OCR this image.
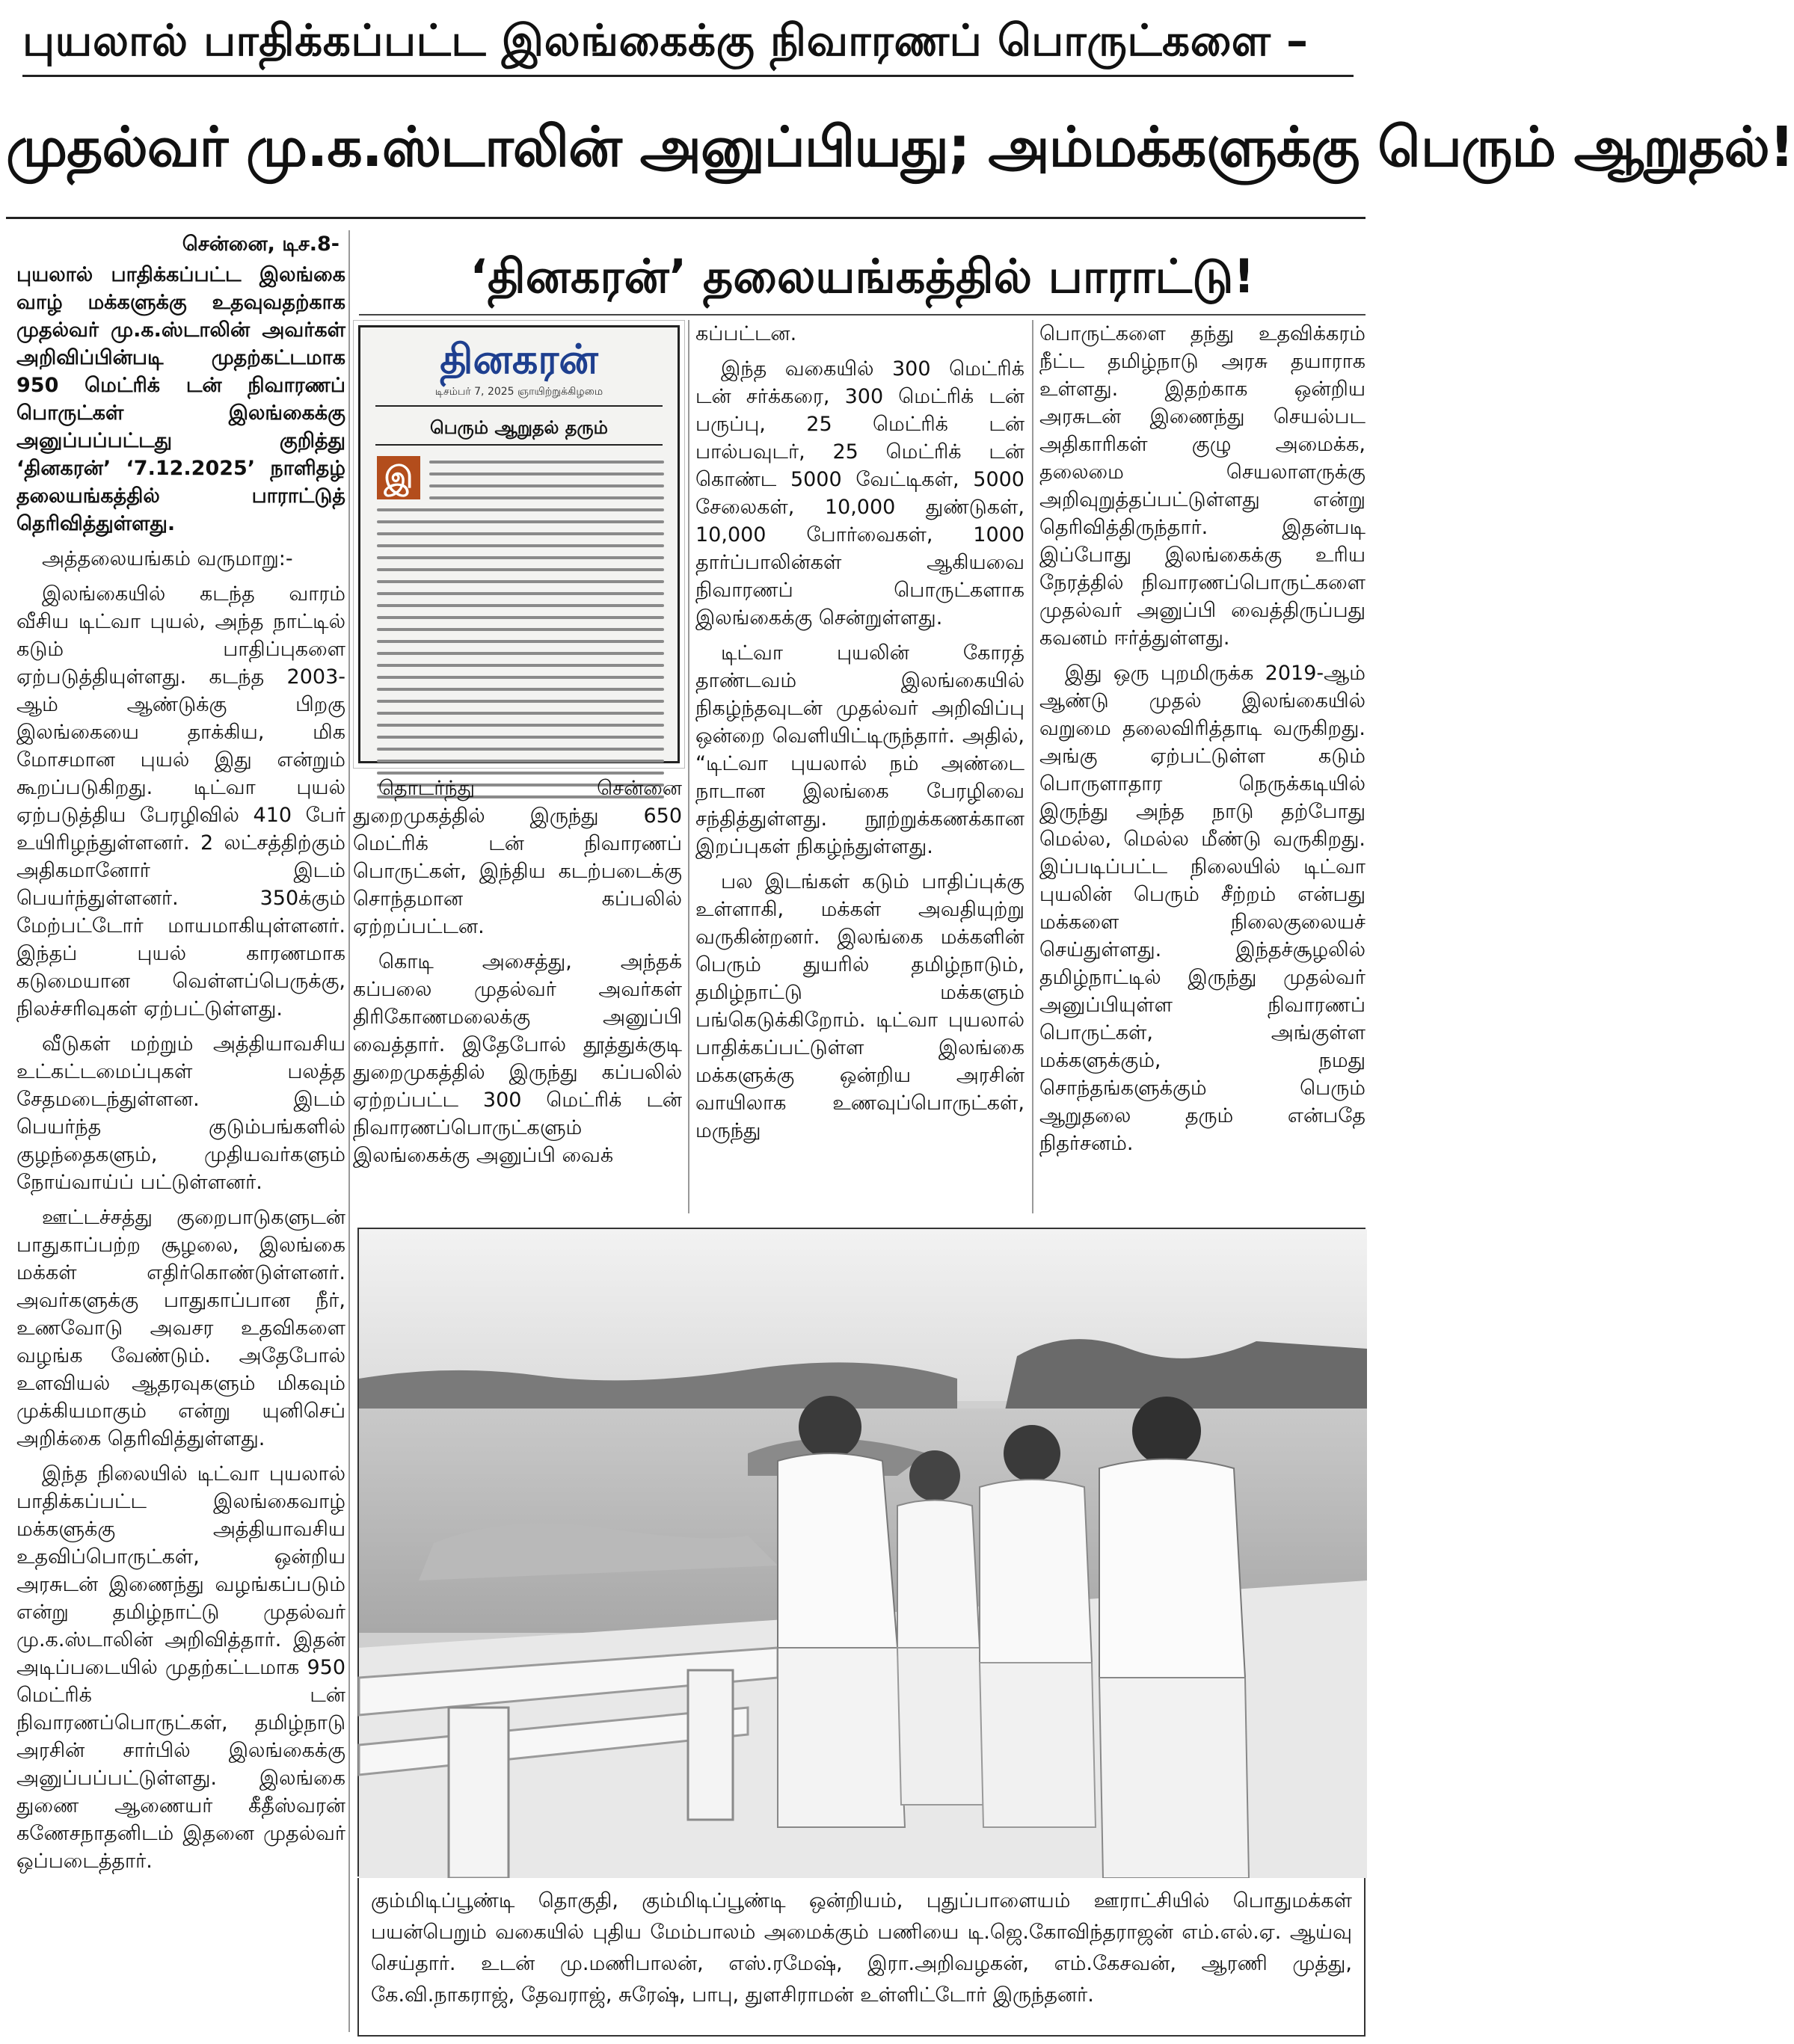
புயலால் பாதிக்கப்பட்ட இலங்கைக்கு நிவாரணப் பொருட்களை –
முதல்வர் மு.க.ஸ்டாலின் அனுப்பியது; அம்மக்களுக்கு பெரும் ஆறுதல்!
சென்னை, டிச.8-
புயலால் பாதிக்கப்பட்ட இலங்கை வாழ் மக்களுக்கு உதவுவதற்காக முதல்வர் மு.க.ஸ்டாலின் அவர்கள் அறிவிப்பின்படி முதற்கட்டமாக 950 மெட்ரிக் டன் நிவாரணப் பொருட்கள் இலங்கைக்கு அனுப்பப்பட்டது குறித்து ‘தினகரன்’ ‘7.12.2025’ நாளிதழ் தலையங்கத்தில் பாராட்டுத் தெரிவித்துள்ளது.

அத்தலையங்கம் வருமாறு:-

இலங்கையில் கடந்த வாரம் வீசிய டிட்வா புயல், அந்த நாட்டில் கடும் பாதிப்புகளை ஏற்படுத்தியுள்ளது. கடந்த 2003-ஆம் ஆண்டுக்கு பிறகு இலங்கையை தாக்கிய, மிக மோசமான புயல் இது என்றும் கூறப்படுகிறது. டிட்வா புயல் ஏற்படுத்திய பேரழிவில் 410 பேர் உயிரிழந்துள்ளனர். 2 லட்சத்திற்கும் அதிகமானோர் இடம் பெயர்ந்துள்ளனர். 350க்கும் மேற்பட்டோர் மாயமாகியுள்ளனர். இந்தப் புயல் காரணமாக கடுமையான வெள்ளப்பெருக்கு, நிலச்சரிவுகள் ஏற்பட்டுள்ளது.

வீடுகள் மற்றும் அத்தியாவசிய உட்கட்டமைப்புகள் பலத்த சேதமடைந்துள்ளன. இடம் பெயர்ந்த குடும்பங்களில் குழந்தைகளும், முதியவர்களும் நோய்வாய்ப் பட்டுள்ளனர்.

ஊட்டச்சத்து குறைபாடுகளுடன் பாதுகாப்பற்ற சூழலை, இலங்கை மக்கள் எதிர்கொண்டுள்ளனர். அவர்களுக்கு பாதுகாப்பான நீர், உணவோடு அவசர உதவிகளை வழங்க வேண்டும். அதேபோல் உளவியல் ஆதரவுகளும் மிகவும் முக்கியமாகும் என்று யுனிசெப் அறிக்கை தெரிவித்துள்ளது.

இந்த நிலையில் டிட்வா புயலால் பாதிக்கப்பட்ட இலங்கைவாழ் மக்களுக்கு அத்தியாவசிய உதவிப்பொருட்கள், ஒன்றிய அரசுடன் இணைந்து வழங்கப்படும் என்று தமிழ்நாட்டு முதல்வர் மு.க.ஸ்டாலின் அறிவித்தார். இதன் அடிப்படையில் முதற்கட்டமாக 950 மெட்ரிக் டன் நிவாரணப்பொருட்கள், தமிழ்நாடு அரசின் சார்பில் இலங்கைக்கு அனுப்பப்பட்டுள்ளது. இலங்கை துணை ஆணையர் கீதீஸ்வரன் கணேசநாதனிடம் இதனை முதல்வர் ஒப்படைத்தார்.

‘தினகரன்’ தலையங்கத்தில் பாராட்டு!
தினகரன்
டிசம்பர் 7, 2025 ஞாயிற்றுக்கிழமை
பெரும் ஆறுதல் தரும்
இ

தொடர்ந்து சென்னை துறைமுகத்தில் இருந்து 650 மெட்ரிக் டன் நிவாரணப் பொருட்கள், இந்திய கடற்படைக்கு சொந்தமான கப்பலில் ஏற்றப்பட்டன.

கொடி அசைத்து, அந்தக் கப்பலை முதல்வர் அவர்கள் திரிகோணமலைக்கு அனுப்பி வைத்தார். இதேபோல் தூத்துக்குடி துறைமுகத்தில் இருந்து கப்பலில் ஏற்றப்பட்ட 300 மெட்ரிக் டன் நிவாரணப்பொருட்களும் இலங்கைக்கு அனுப்பி வைக்

கப்பட்டன.

இந்த வகையில் 300 மெட்ரிக் டன் சர்க்கரை, 300 மெட்ரிக் டன் பருப்பு, 25 மெட்ரிக் டன் பால்பவுடர், 25 மெட்ரிக் டன் கொண்ட 5000 வேட்டிகள், 5000 சேலைகள், 10,000 துண்டுகள், 10,000 போர்வைகள், 1000 தார்ப்பாலின்கள் ஆகியவை நிவாரணப் பொருட்களாக இலங்கைக்கு சென்றுள்ளது.

டிட்வா புயலின் கோரத் தாண்டவம் இலங்கையில் நிகழ்ந்தவுடன் முதல்வர் அறிவிப்பு ஒன்றை வெளியிட்டிருந்தார். அதில், “டிட்வா புயலால் நம் அண்டை நாடான இலங்கை பேரழிவை சந்தித்துள்ளது. நூற்றுக்கணக்கான இறப்புகள் நிகழ்ந்துள்ளது.

பல இடங்கள் கடும் பாதிப்புக்கு உள்ளாகி, மக்கள் அவதியுற்று வருகின்றனர். இலங்கை மக்களின் பெரும் துயரில் தமிழ்நாடும், தமிழ்நாட்டு மக்களும் பங்கெடுக்கிறோம். டிட்வா புயலால் பாதிக்கப்பட்டுள்ள இலங்கை மக்களுக்கு ஒன்றிய அரசின் வாயிலாக உணவுப்பொருட்கள், மருந்து

பொருட்களை தந்து உதவிக்கரம் நீட்ட தமிழ்நாடு அரசு தயாராக உள்ளது. இதற்காக ஒன்றிய அரசுடன் இணைந்து செயல்பட அதிகாரிகள் குழு அமைக்க, தலைமை செயலாளருக்கு அறிவுறுத்தப்பட்டுள்ளது என்று தெரிவித்திருந்தார். இதன்படி இப்போது இலங்கைக்கு உரிய நேரத்தில் நிவாரணப்பொருட்களை முதல்வர் அனுப்பி வைத்திருப்பது கவனம் ஈர்த்துள்ளது.

இது ஒரு புறமிருக்க 2019-ஆம் ஆண்டு முதல் இலங்கையில் வறுமை தலைவிரித்தாடி வருகிறது. அங்கு ஏற்பட்டுள்ள கடும் பொருளாதார நெருக்கடியில் இருந்து அந்த நாடு தற்போது மெல்ல, மெல்ல மீண்டு வருகிறது. இப்படிப்பட்ட நிலையில் டிட்வா புயலின் பெரும் சீற்றம் என்பது மக்களை நிலைகுலையச் செய்துள்ளது. இந்தச்சூழலில் தமிழ்நாட்டில் இருந்து முதல்வர் அனுப்பியுள்ள நிவாரணப் பொருட்கள், அங்குள்ள மக்களுக்கும், நமது சொந்தங்களுக்கும் பெரும் ஆறுதலை தரும் என்பதே நிதர்சனம்.

கும்மிடிப்பூண்டி தொகுதி, கும்மிடிப்பூண்டி ஒன்றியம், புதுப்பாளையம் ஊராட்சியில் பொதுமக்கள் பயன்பெறும் வகையில் புதிய மேம்பாலம் அமைக்கும் பணியை டி.ஜெ.கோவிந்தராஜன் எம்.எல்.ஏ. ஆய்வு செய்தார். உடன் மு.மணிபாலன், எஸ்.ரமேஷ், இரா.அறிவழகன், எம்.கேசவன், ஆரணி முத்து, கே.வி.நாகராஜ், தேவராஜ், சுரேஷ், பாபு, துளசிராமன் உள்ளிட்டோர் இருந்தனர்.
